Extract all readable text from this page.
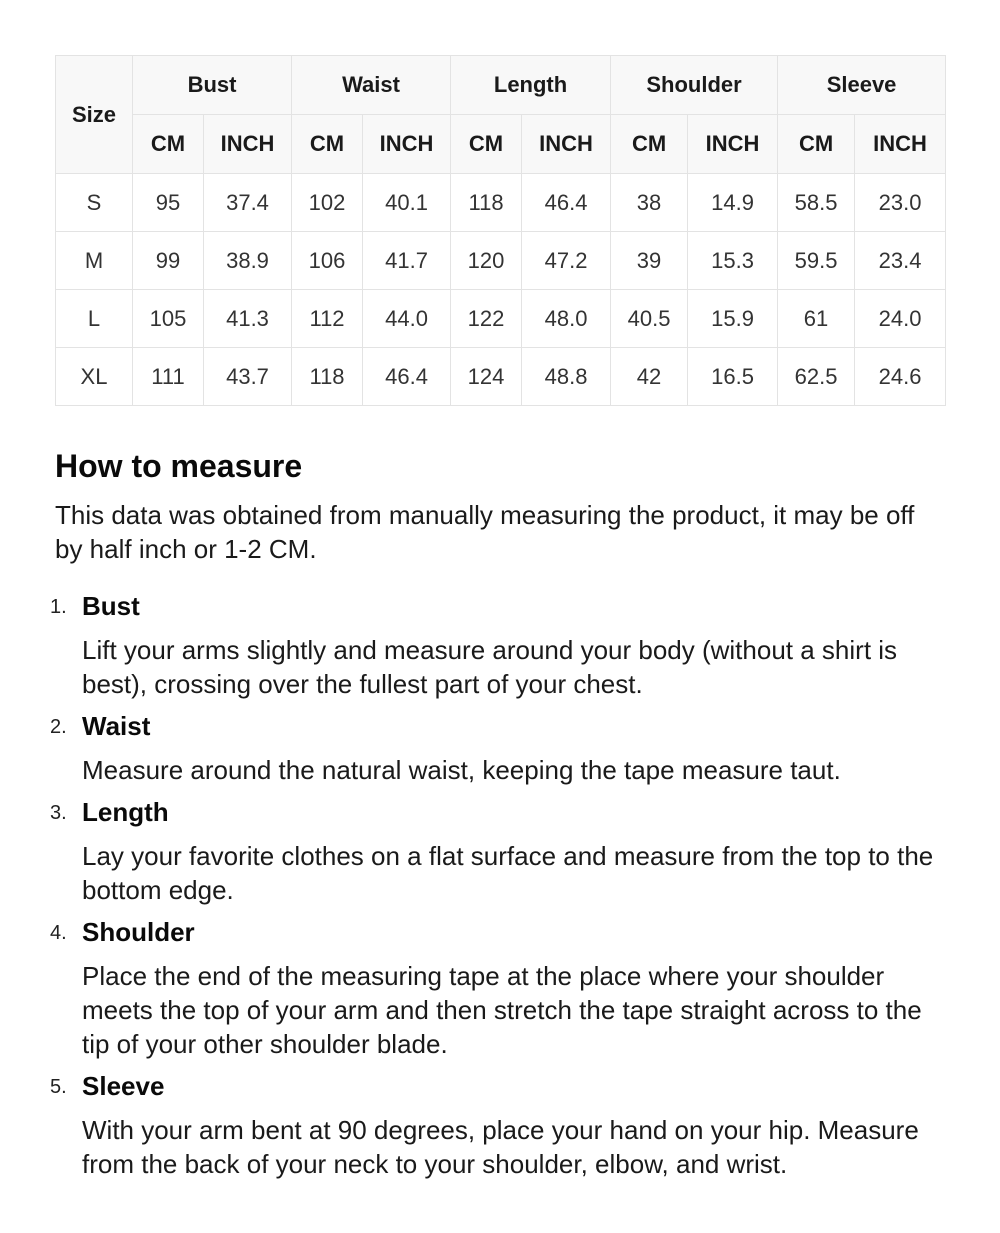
Size	Bust		Waist		Length		Shoulder		Sleeve	
	CM	INCH	CM	INCH	CM	INCH	CM	INCH	CM	INCH
S	95	37.4	102	40.1	118	46.4	38	14.9	58.5	23.0
M	99	38.9	106	41.7	120	47.2	39	15.3	59.5	23.4
L	105	41.3	112	44.0	122	48.0	40.5	15.9	61	24.0
XL	111	43.7	118	46.4	124	48.8	42	16.5	62.5	24.6
How to measure

This data was obtained from manually measuring the product, it may be off by half inch or 1-2 CM.

1. Bust

Lift your arms slightly and measure around your body (without a shirt is best), crossing over the fullest part of your chest.

2. Waist

Measure around the natural waist, keeping the tape measure taut.

3. Length

Lay your favorite clothes on a flat surface and measure from the top to the bottom edge.

4. Shoulder

Place the end of the measuring tape at the place where your shoulder meets the top of your arm and then stretch the tape straight across to the tip of your other shoulder blade.

5. Sleeve

With your arm bent at 90 degrees, place your hand on your hip. Measure from the back of your neck to your shoulder, elbow, and wrist.
